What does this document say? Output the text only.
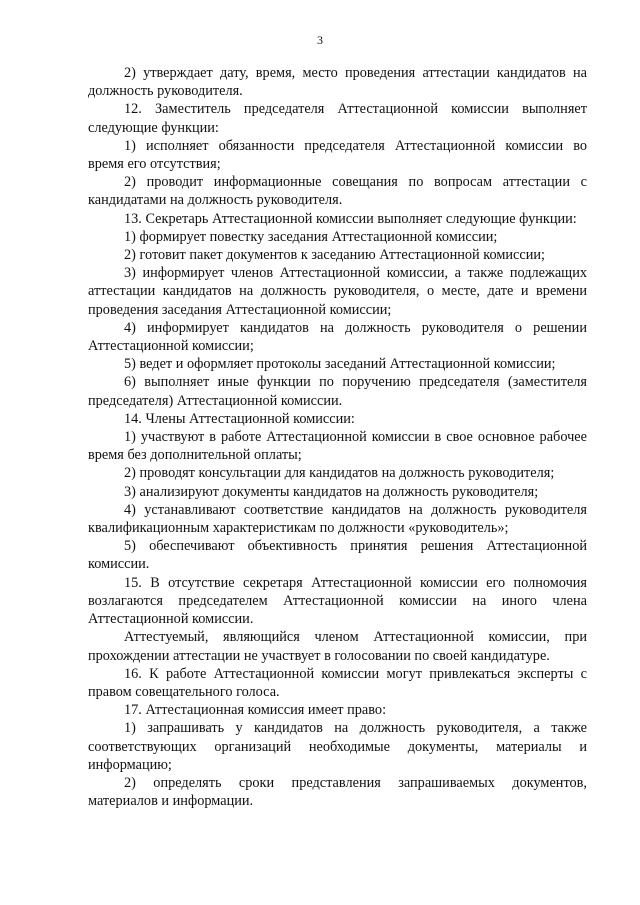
3

2) утверждает дату, время, место проведения аттестации кандидатов на должность руководителя.

12. Заместитель председателя Аттестационной комиссии выполняет следующие функции:

1) исполняет обязанности председателя Аттестационной комиссии во время его отсутствия;

2) проводит информационные совещания по вопросам аттестации с кандидатами на должность руководителя.

13. Секретарь Аттестационной комиссии выполняет следующие функции:

1) формирует повестку заседания Аттестационной комиссии;

2) готовит пакет документов к заседанию Аттестационной комиссии;

3) информирует членов Аттестационной комиссии, а также подлежащих аттестации кандидатов на должность руководителя, о месте, дате и времени проведения заседания Аттестационной комиссии;

4) информирует кандидатов на должность руководителя о решении Аттестационной комиссии;

5) ведет и оформляет протоколы заседаний Аттестационной комиссии;

6) выполняет иные функции по поручению председателя (заместителя председателя) Аттестационной комиссии.

14. Члены Аттестационной комиссии:

1) участвуют в работе Аттестационной комиссии в свое основное рабочее время без дополнительной оплаты;

2) проводят консультации для кандидатов на должность руководителя;

3) анализируют документы кандидатов на должность руководителя;

4) устанавливают соответствие кандидатов на должность руководителя квалификационным характеристикам по должности «руководитель»;

5) обеспечивают объективность принятия решения Аттестационной комиссии.

15. В отсутствие секретаря Аттестационной комиссии его полномочия возлагаются председателем Аттестационной комиссии на иного члена Аттестационной комиссии.

Аттестуемый, являющийся членом Аттестационной комиссии, при прохождении аттестации не участвует в голосовании по своей кандидатуре.

16. К работе Аттестационной комиссии могут привлекаться эксперты с правом совещательного голоса.

17. Аттестационная комиссия имеет право:

1) запрашивать у кандидатов на должность руководителя, а также соответствующих организаций необходимые документы, материалы и информацию;

2) определять сроки представления запрашиваемых документов, материалов и информации.
